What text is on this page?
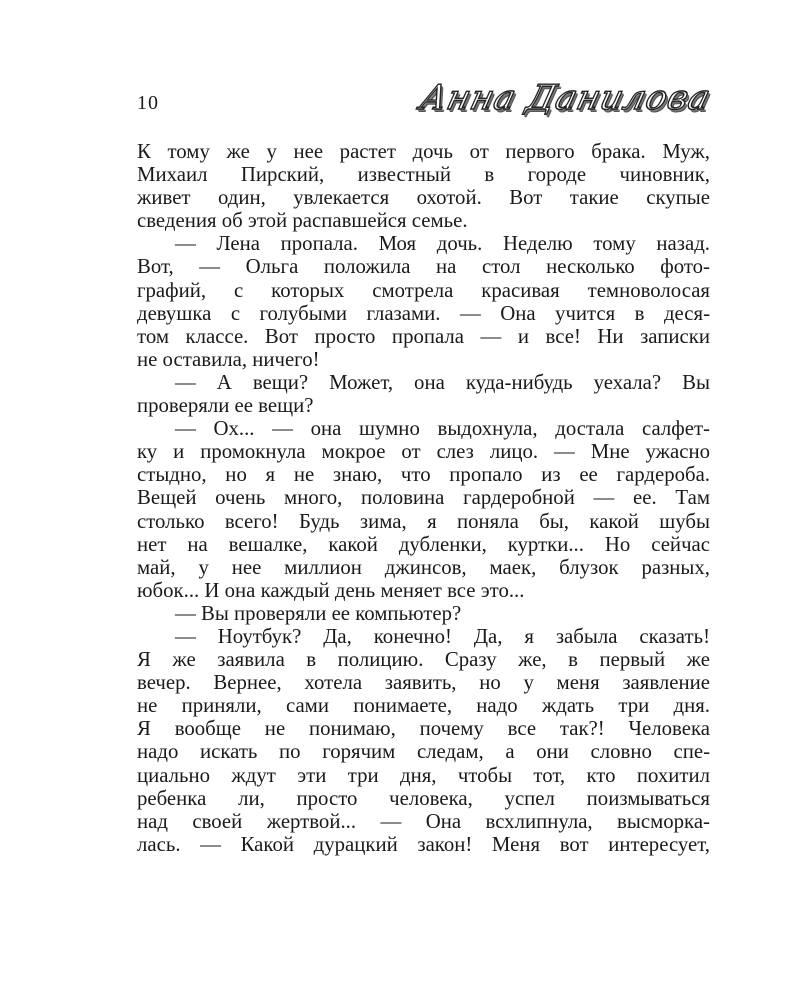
10	Анна Данилова
К тому же у нее растет дочь от первого брака. Муж,
Михаил Пирский, известный в городе чиновник,
живет один, увлекается охотой. Вот такие скупые
сведения об этой распавшейся семье.
— Лена пропала. Моя дочь. Неделю тому назад.
Вот, — Ольга положила на стол несколько фото-
графий, с которых смотрела красивая темноволосая
девушка с голубыми глазами. — Она учится в деся-
том классе. Вот просто пропала — и все! Ни записки
не оставила, ничего!
— А вещи? Может, она куда-нибудь уехала? Вы
проверяли ее вещи?
— Ох... — она шумно выдохнула, достала салфет-
ку и промокнула мокрое от слез лицо. — Мне ужасно
стыдно, но я не знаю, что пропало из ее гардероба.
Вещей очень много, половина гардеробной — ее. Там
столько всего! Будь зима, я поняла бы, какой шубы
нет на вешалке, какой дубленки, куртки... Но сейчас
май, у нее миллион джинсов, маек, блузок разных,
юбок... И она каждый день меняет все это...
— Вы проверяли ее компьютер?
— Ноутбук? Да, конечно! Да, я забыла сказать!
Я же заявила в полицию. Сразу же, в первый же
вечер. Вернее, хотела заявить, но у меня заявление
не приняли, сами понимаете, надо ждать три дня.
Я вообще не понимаю, почему все так?! Человека
надо искать по горячим следам, а они словно спе-
циально ждут эти три дня, чтобы тот, кто похитил
ребенка ли, просто человека, успел поизмываться
над своей жертвой... — Она всхлипнула, высморка-
лась. — Какой дурацкий закон! Меня вот интересует,
